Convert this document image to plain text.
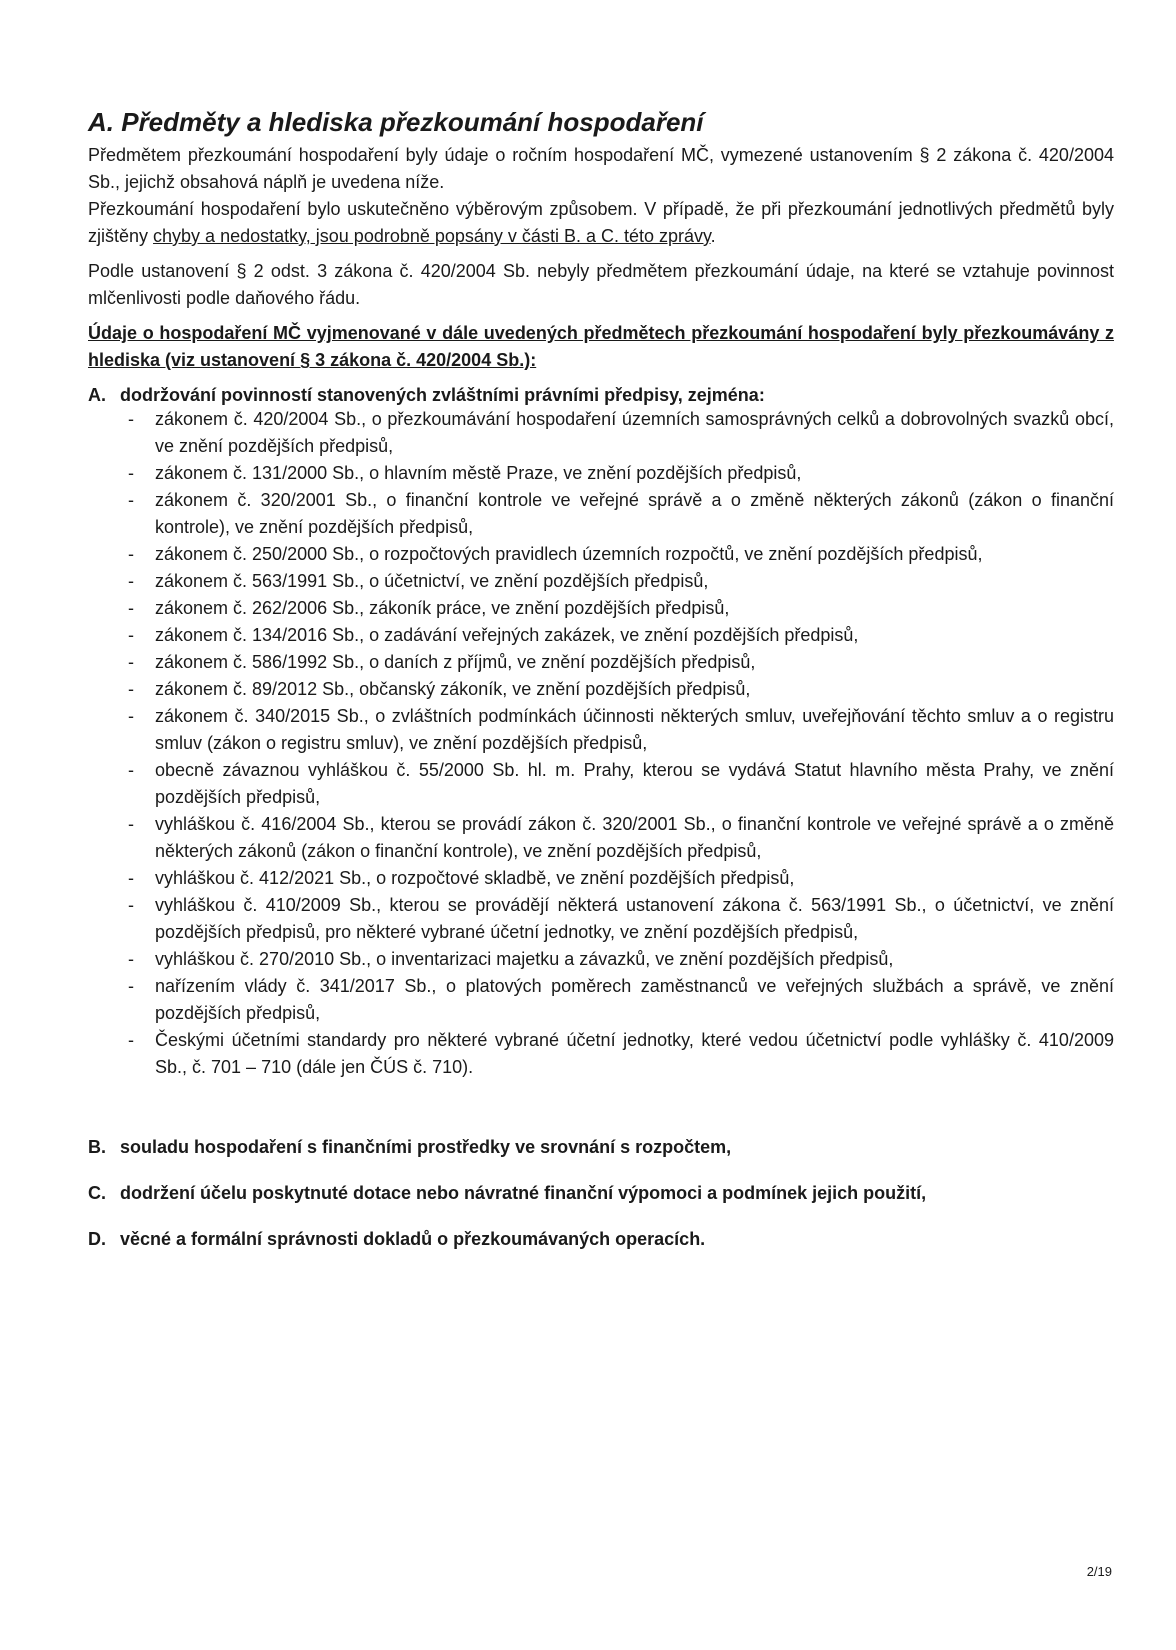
A. Předměty a hlediska přezkoumání hospodaření

Předmětem přezkoumání hospodaření byly údaje o ročním hospodaření MČ, vymezené ustanovením § 2 zákona č. 420/2004 Sb., jejichž obsahová náplň je uvedena níže.

Přezkoumání hospodaření bylo uskutečněno výběrovým způsobem. V případě, že při přezkoumání jednotlivých předmětů byly zjištěny chyby a nedostatky, jsou podrobně popsány v části B. a C. této zprávy.

Podle ustanovení § 2 odst. 3 zákona č. 420/2004 Sb. nebyly předmětem přezkoumání údaje, na které se vztahuje povinnost mlčenlivosti podle daňového řádu.

Údaje o hospodaření MČ vyjmenované v dále uvedených předmětech přezkoumání hospodaření byly přezkoumávány z hlediska (viz ustanovení § 3 zákona č. 420/2004 Sb.):

A. dodržování povinností stanovených zvláštními právními předpisy, zejména:

- zákonem č. 420/2004 Sb., o přezkoumávání hospodaření územních samosprávných celků a dobrovolných svazků obcí, ve znění pozdějších předpisů,
- zákonem č. 131/2000 Sb., o hlavním městě Praze, ve znění pozdějších předpisů,
- zákonem č. 320/2001 Sb., o finanční kontrole ve veřejné správě a o změně některých zákonů (zákon o finanční kontrole), ve znění pozdějších předpisů,
- zákonem č. 250/2000 Sb., o rozpočtových pravidlech územních rozpočtů, ve znění pozdějších předpisů,
- zákonem č. 563/1991 Sb., o účetnictví, ve znění pozdějších předpisů,
- zákonem č. 262/2006 Sb., zákoník práce, ve znění pozdějších předpisů,
- zákonem č. 134/2016 Sb., o zadávání veřejných zakázek, ve znění pozdějších předpisů,
- zákonem č. 586/1992 Sb., o daních z příjmů, ve znění pozdějších předpisů,
- zákonem č. 89/2012 Sb., občanský zákoník, ve znění pozdějších předpisů,
- zákonem č. 340/2015 Sb., o zvláštních podmínkách účinnosti některých smluv, uveřejňování těchto smluv a o registru smluv (zákon o registru smluv), ve znění pozdějších předpisů,
- obecně závaznou vyhláškou č. 55/2000 Sb. hl. m. Prahy, kterou se vydává Statut hlavního města Prahy, ve znění pozdějších předpisů,
- vyhláškou č. 416/2004 Sb., kterou se provádí zákon č. 320/2001 Sb., o finanční kontrole ve veřejné správě a o změně některých zákonů (zákon o finanční kontrole), ve znění pozdějších předpisů,
- vyhláškou č. 412/2021 Sb., o rozpočtové skladbě, ve znění pozdějších předpisů,
- vyhláškou č. 410/2009 Sb., kterou se provádějí některá ustanovení zákona č. 563/1991 Sb., o účetnictví, ve znění pozdějších předpisů, pro některé vybrané účetní jednotky, ve znění pozdějších předpisů,
- vyhláškou č. 270/2010 Sb., o inventarizaci majetku a závazků, ve znění pozdějších předpisů,
- nařízením vlády č. 341/2017 Sb., o platových poměrech zaměstnanců ve veřejných službách a správě, ve znění pozdějších předpisů,
- Českými účetními standardy pro některé vybrané účetní jednotky, které vedou účetnictví podle vyhlášky č. 410/2009 Sb., č. 701 – 710 (dále jen ČÚS č. 710).

B. souladu hospodaření s finančními prostředky ve srovnání s rozpočtem,

C. dodržení účelu poskytnuté dotace nebo návratné finanční výpomoci a podmínek jejich použití,

D. věcné a formální správnosti dokladů o přezkoumávaných operacích.

2/19
